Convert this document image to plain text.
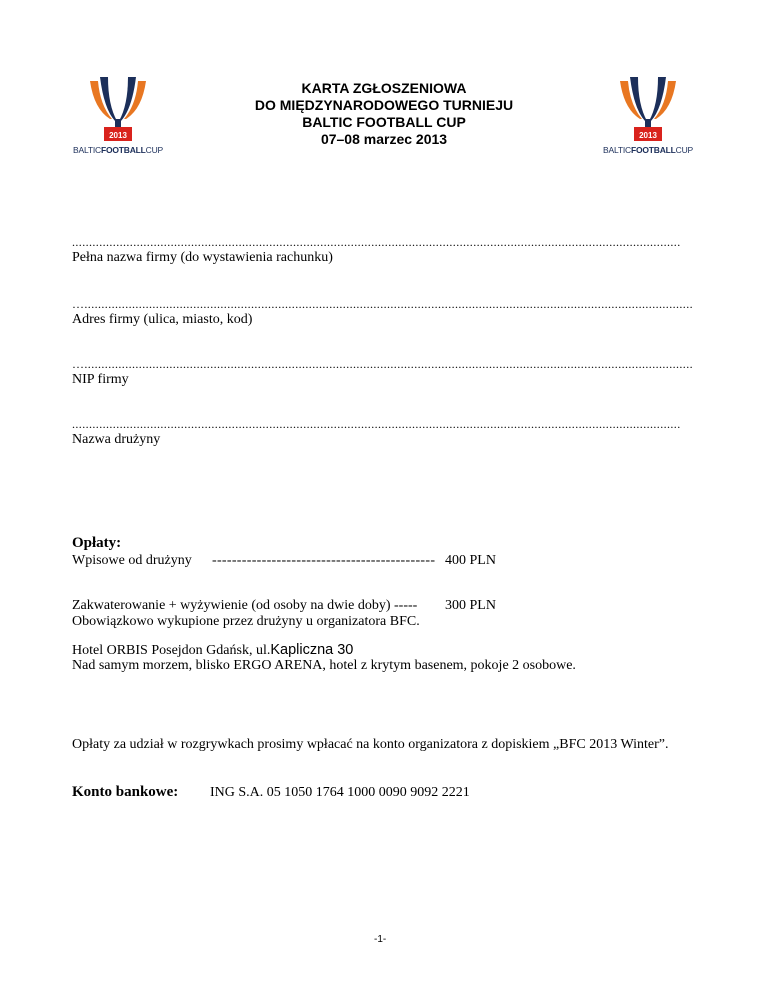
2013
BALTICFOOTBALLCUP
2013
BALTICFOOTBALLCUP
KARTA ZGŁOSZENIOWA
DO MIĘDZYNARODOWEGO TURNIEJU
BALTIC FOOTBALL CUP
07–08 marzec 2013
...................................................................................................................................................................................
Pełna nazwa firmy (do wystawienia rachunku)
…...................................................................................................................................................................................
Adres firmy (ulica, miasto, kod)
…...................................................................................................................................................................................
NIP firmy
...................................................................................................................................................................................
Nazwa drużyny
Opłaty:
Wpisowe od drużyny --------------------------------------------- 400 PLN
Zakwaterowanie + wyżywienie (od osoby na dwie doby) ----- 300 PLN
Obowiązkowo wykupione przez drużyny u organizatora BFC.
Hotel ORBIS Posejdon Gdańsk, ul.Kapliczna 30
Nad samym morzem, blisko ERGO ARENA, hotel z krytym basenem, pokoje 2 osobowe.
Opłaty za udział w rozgrywkach prosimy wpłacać na konto organizatora z dopiskiem „BFC 2013 Winter”.
Konto bankowe: ING S.A. 05 1050 1764 1000 0090 9092 2221
-1-
